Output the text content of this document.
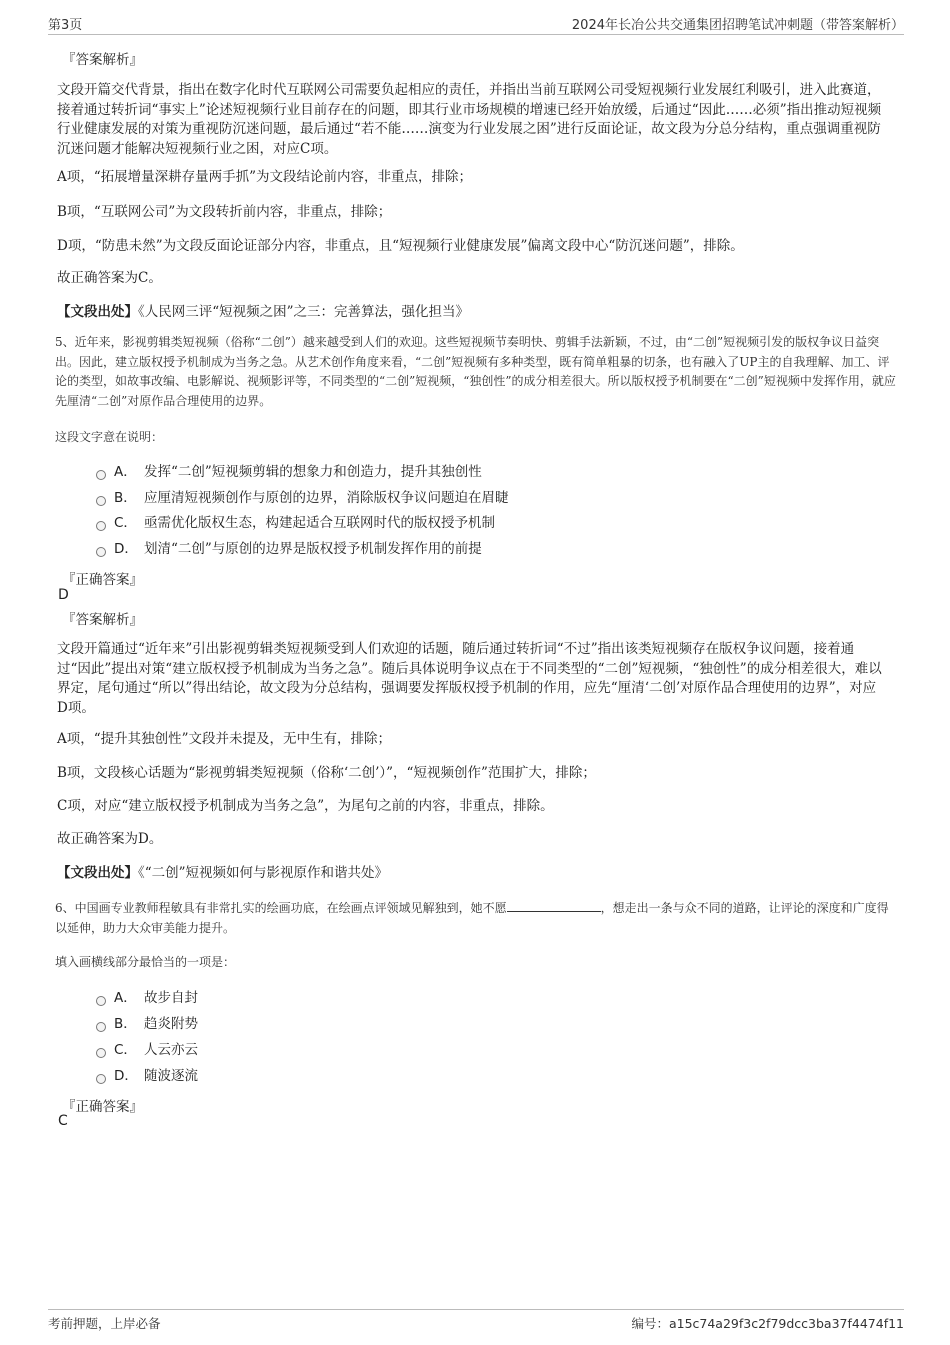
第3页	2024年长冶公共交通集团招聘笔试冲刺题（带答案解析）
『答案解析』
文段开篇交代背景，指出在数字化时代互联网公司需要负起相应的责任，并指出当前互联网公司受短视频行业发展红利吸引，进入此赛道，接着通过转折词“事实上”论述短视频行业目前存在的问题，即其行业市场规模的增速已经开始放缓，后通过“因此……必须”指出推动短视频行业健康发展的对策为重视防沉迷问题，最后通过“若不能……演变为行业发展之困”进行反面论证，故文段为分总分结构，重点强调重视防沉迷问题才能解决短视频行业之困，对应C项。
A项，“拓展增量深耕存量两手抓”为文段结论前内容，非重点，排除；
B项，“互联网公司”为文段转折前内容，非重点，排除；
D项，“防患未然”为文段反面论证部分内容，非重点，且“短视频行业健康发展”偏离文段中心“防沉迷问题”，排除。
故正确答案为C。
【文段出处】《人民网三评“短视频之困”之三：完善算法，强化担当》
5、近年来，影视剪辑类短视频（俗称“二创”）越来越受到人们的欢迎。这些短视频节奏明快、剪辑手法新颖，不过，由“二创”短视频引发的版权争议日益突出。因此，建立版权授予机制成为当务之急。从艺术创作角度来看，“二创”短视频有多种类型，既有简单粗暴的切条，也有融入了UP主的自我理解、加工、评论的类型，如故事改编、电影解说、视频影评等，不同类型的“二创”短视频，“独创性”的成分相差很大。所以版权授予机制要在“二创”短视频中发挥作用，就应先厘清“二创”对原作品合理使用的边界。
这段文字意在说明：
A． 发挥“二创”短视频剪辑的想象力和创造力，提升其独创性
B． 应厘清短视频创作与原创的边界，消除版权争议问题迫在眉睫
C． 亟需优化版权生态，构建起适合互联网时代的版权授予机制
D． 划清“二创”与原创的边界是版权授予机制发挥作用的前提
『正确答案』
D
『答案解析』
文段开篇通过“近年来”引出影视剪辑类短视频受到人们欢迎的话题，随后通过转折词“不过”指出该类短视频存在版权争议问题，接着通过“因此”提出对策“建立版权授予机制成为当务之急”。随后具体说明争议点在于不同类型的“二创”短视频，“独创性”的成分相差很大，难以界定，尾句通过“所以”得出结论，故文段为分总结构，强调要发挥版权授予机制的作用，应先“厘清‘二创’对原作品合理使用的边界”，对应D项。
A项，“提升其独创性”文段并未提及，无中生有，排除；
B项，文段核心话题为“影视剪辑类短视频（俗称‘二创’）”，“短视频创作”范围扩大，排除；
C项，对应“建立版权授予机制成为当务之急”，为尾句之前的内容，非重点，排除。
故正确答案为D。
【文段出处】《“二创”短视频如何与影视原作和谐共处》
6、中国画专业教师程敏具有非常扎实的绘画功底，在绘画点评领域见解独到，她不愿	，想走出一条与众不同的道路，让评论的深度和广度得以延伸，助力大众审美能力提升。
填入画横线部分最恰当的一项是：
A． 故步自封
B． 趋炎附势
C． 人云亦云
D． 随波逐流
『正确答案』
C
考前押题，上岸必备	编号：a15c74a29f3c2f79dcc3ba37f4474f11
